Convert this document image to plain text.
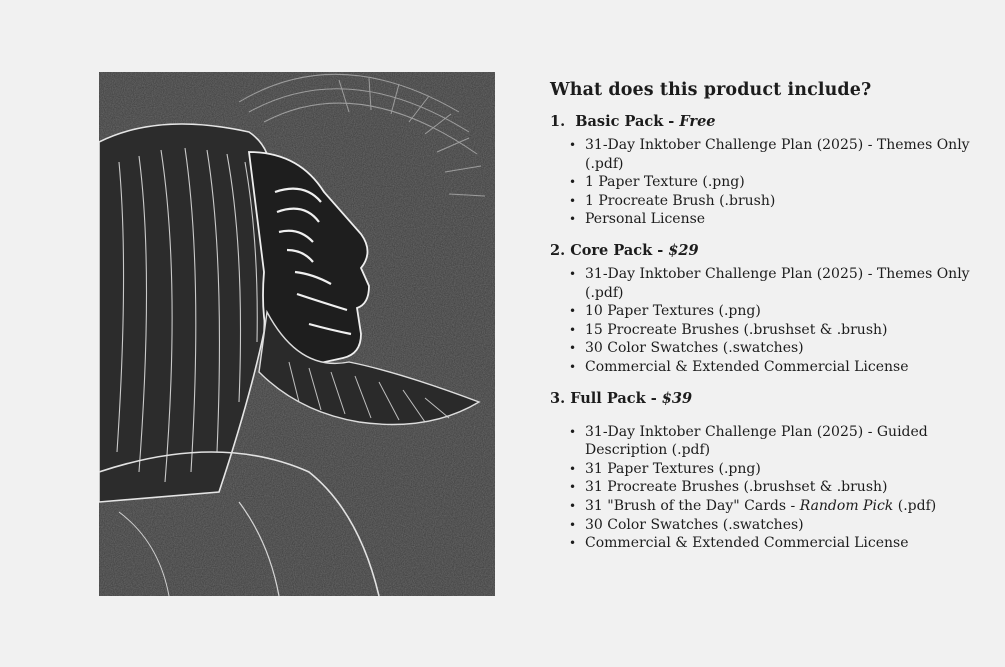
What does this product include?
1. Basic Pack - Free
• 31-Day Inktober Challenge Plan (2025) - Themes Only (.pdf)
• 1 Paper Texture (.png)
• 1 Procreate Brush (.brush)
• Personal License
2. Core Pack - $29
• 31-Day Inktober Challenge Plan (2025) - Themes Only (.pdf)
• 10 Paper Textures (.png)
• 15 Procreate Brushes (.brushset & .brush)
• 30 Color Swatches (.swatches)
• Commercial & Extended Commercial License
3. Full Pack - $39
• 31-Day Inktober Challenge Plan (2025) - Guided Description (.pdf)
• 31 Paper Textures (.png)
• 31 Procreate Brushes (.brushset & .brush)
• 31 "Brush of the Day" Cards - Random Pick (.pdf)
• 30 Color Swatches (.swatches)
• Commercial & Extended Commercial License
